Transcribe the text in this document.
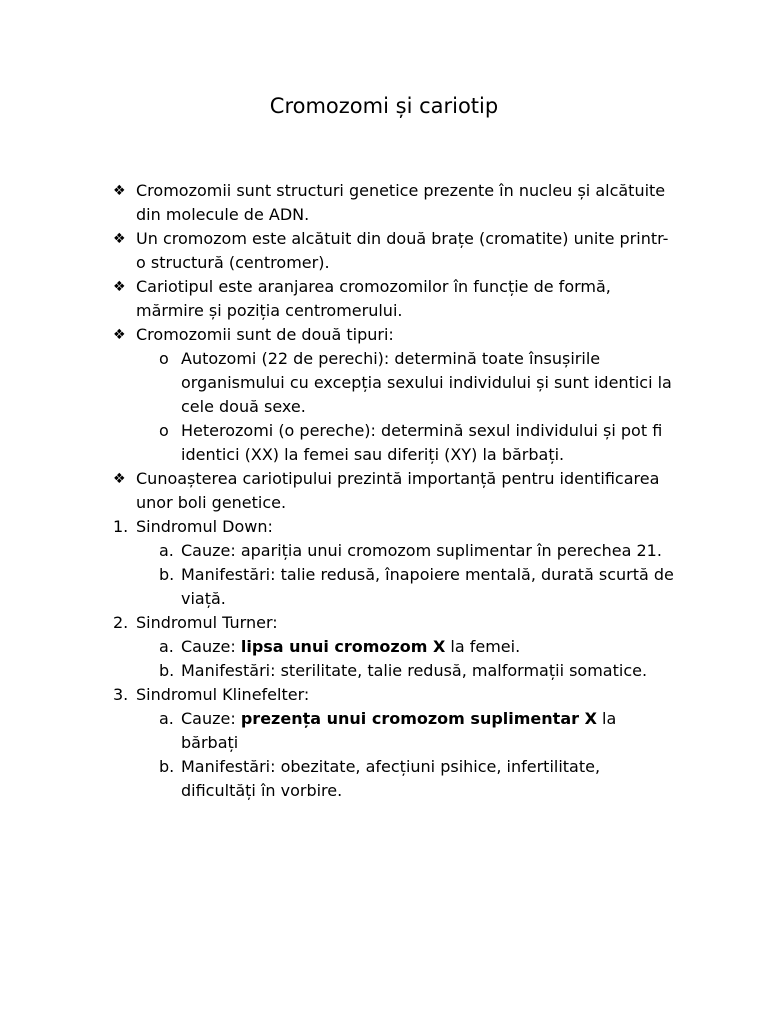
Cromozomi și cariotip
❖ Cromozomii sunt structuri genetice prezente în nucleu și alcătuite din molecule de ADN.
❖ Un cromozom este alcătuit din două brațe (cromatite) unite printr-o structură (centromer).
❖ Cariotipul este aranjarea cromozomilor în funcție de formă, mărmire și poziția centromerului.
❖ Cromozomii sunt de două tipuri:
o Autozomi (22 de perechi): determină toate însușirile organismului cu excepția sexului individului și sunt identici la cele două sexe.
o Heterozomi (o pereche): determină sexul individului și pot fi identici (XX) la femei sau diferiți (XY) la bărbați.
❖ Cunoașterea cariotipului prezintă importanță pentru identificarea unor boli genetice.
1. Sindromul Down:
a. Cauze: apariția unui cromozom suplimentar în perechea 21.
b. Manifestări: talie redusă, înapoiere mentală, durată scurtă de viață.
2. Sindromul Turner:
a. Cauze: lipsa unui cromozom X la femei.
b. Manifestări: sterilitate, talie redusă, malformații somatice.
3. Sindromul Klinefelter:
a. Cauze: prezența unui cromozom suplimentar X la bărbați
b. Manifestări: obezitate, afecțiuni psihice, infertilitate, dificultăți în vorbire.
